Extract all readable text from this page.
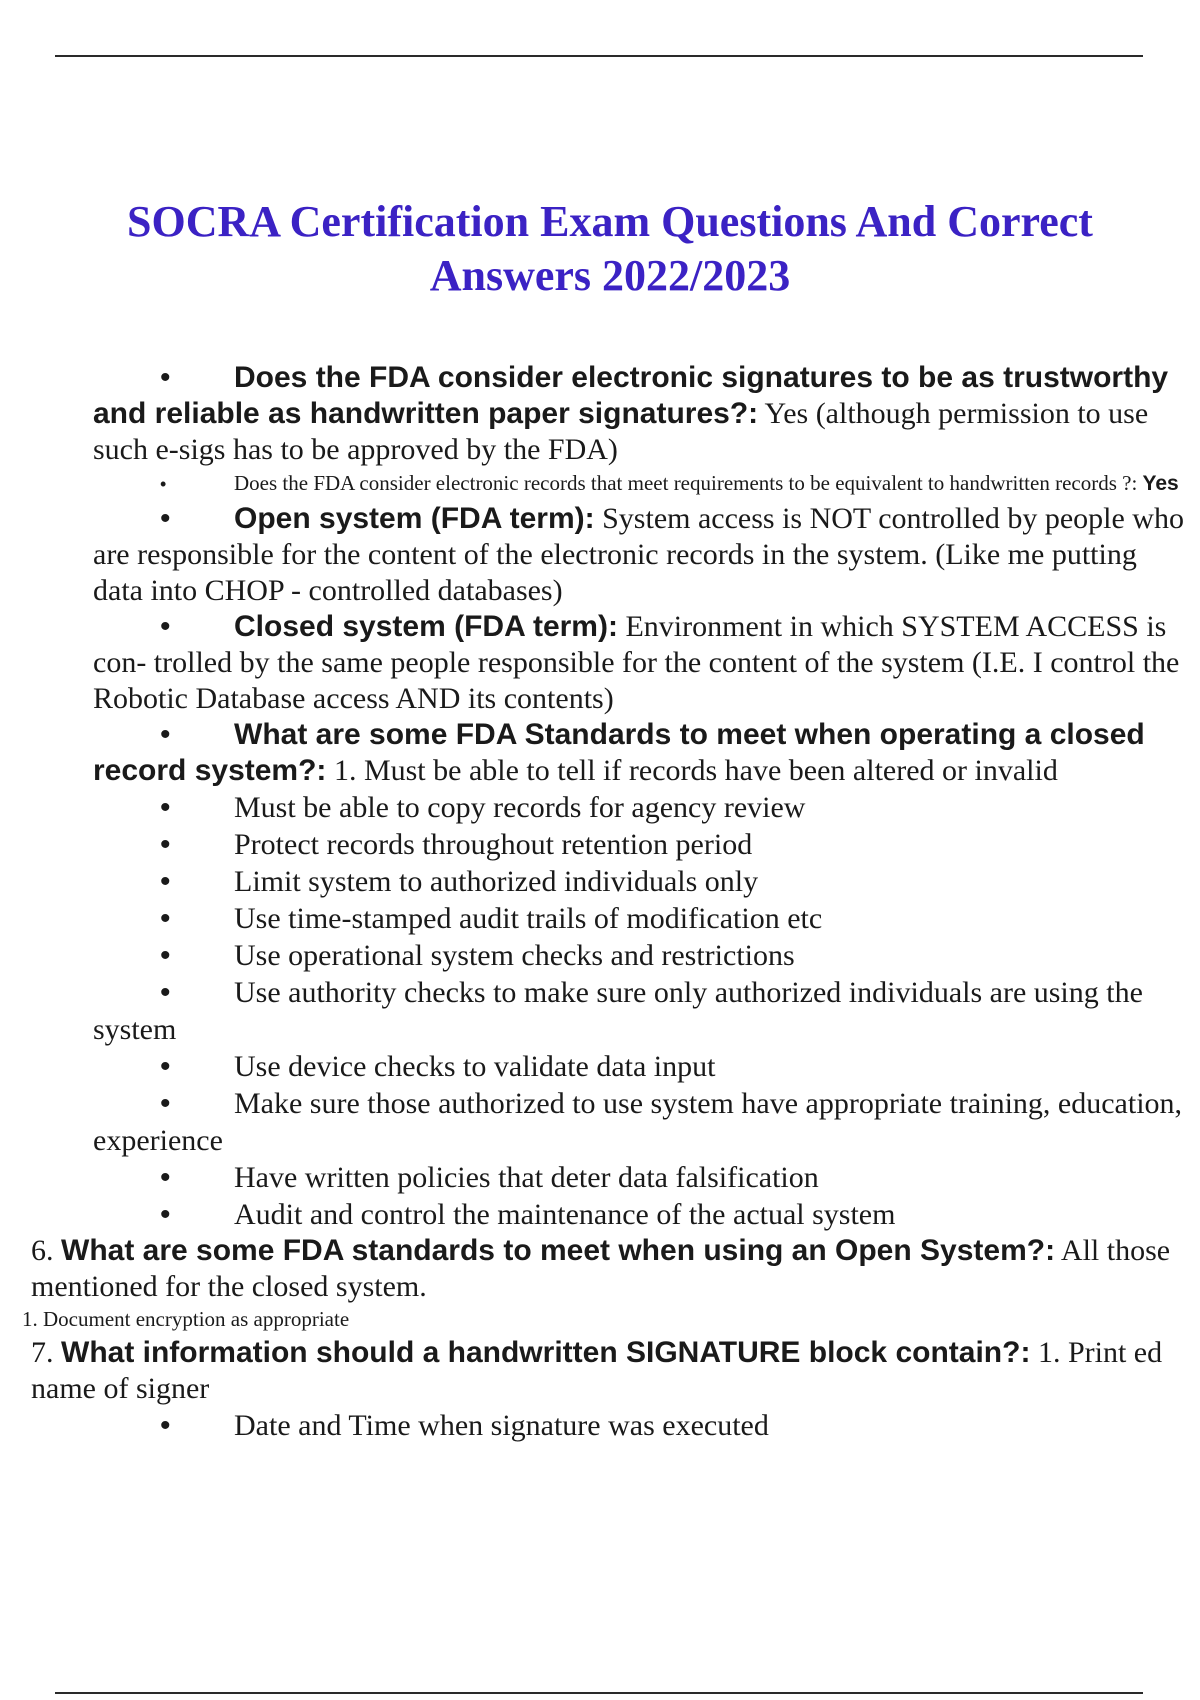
SOCRA Certification Exam Questions And Correct
Answers 2022/2023

• Does the FDA consider electronic signatures to be as trustworthy and reliable as handwritten paper signatures?: Yes (although permission to use such e-sigs has to be approved by the FDA)

•	Does the FDA consider electronic records that meet requirements to be equivalent to handwritten records ?: Yes

• Open system (FDA term): System access is NOT controlled by people who are responsible for the content of the electronic records in the system. (Like me putting data into CHOP - controlled databases)

• Closed system (FDA term): Environment in which SYSTEM ACCESS is con- trolled by the same people responsible for the content of the system (I.E. I control the Robotic Database access AND its contents)

• What are some FDA Standards to meet when operating a closed record system?: 1. Must be able to tell if records have been altered or invalid

• Must be able to copy records for agency review

• Protect records throughout retention period

• Limit system to authorized individuals only

• Use time-stamped audit trails of modification etc

• Use operational system checks and restrictions

• Use authority checks to make sure only authorized individuals are using the system

• Use device checks to validate data input

• Make sure those authorized to use system have appropriate training, education, experience

• Have written policies that deter data falsification

• Audit and control the maintenance of the actual system

6. What are some FDA standards to meet when using an Open System?: All those mentioned for the closed system.

1. Document encryption as appropriate

7. What information should a handwritten SIGNATURE block contain?: 1. Print ed name of signer

• Date and Time when signature was executed
